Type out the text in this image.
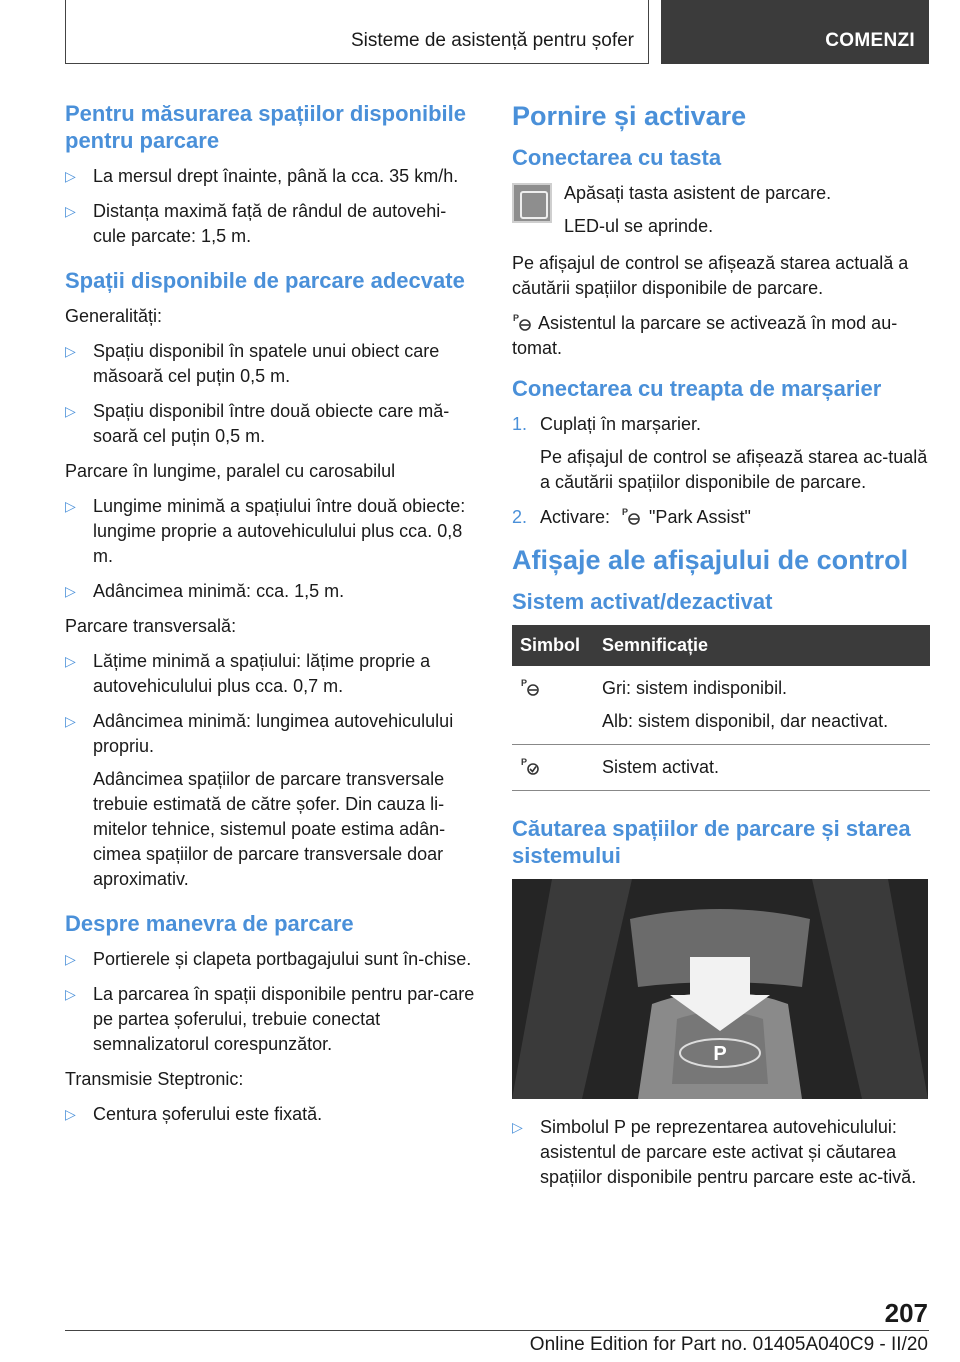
Sisteme de asistență pentru șofer	COMENZI
Pentru măsurarea spațiilor disponibile pentru parcare
▷ La mersul drept înainte, până la cca. 35 km/h.
▷ Distanța maximă față de rândul de autovehi-cule parcate: 1,5 m.
Spații disponibile de parcare adecvate

Generalități:

▷ Spațiu disponibil în spatele unui obiect care măsoară cel puțin 0,5 m.
▷ Spațiu disponibil între două obiecte care mă-soară cel puțin 0,5 m.

Parcare în lungime, paralel cu carosabilul

▷ Lungime minimă a spațiului între două obiecte: lungime proprie a autovehiculului plus cca. 0,8 m.
▷ Adâncimea minimă: cca. 1,5 m.

Parcare transversală:

▷ Lățime minimă a spațiului: lățime proprie a autovehiculului plus cca. 0,7 m.
▷ Adâncimea minimă: lungimea autovehiculului propriu.
Adâncimea spațiilor de parcare transversale trebuie estimată de către șofer. Din cauza li-mitelor tehnice, sistemul poate estima adân-cimea spațiilor de parcare transversale doar aproximativ.
Despre manevra de parcare
▷ Portierele și clapeta portbagajului sunt în-chise.
▷ La parcarea în spații disponibile pentru par-care pe partea șoferului, trebuie conectat semnalizatorul corespunzător.

Transmisie Steptronic:

▷ Centura șoferului este fixată.
Pornire și activare
Conectarea cu tasta

Apăsați tasta asistent de parcare.

LED-ul se aprinde.

Pe afișajul de control se afișează starea actuală a căutării spațiilor disponibile de parcare.

P Asistentul la parcare se activează în mod au-tomat.

Conectarea cu treapta de marșarier
1. Cuplați în marșarier.
Pe afișajul de control se afișează starea ac-tuală a căutării spațiilor disponibile de parcare.
2. Activare: P "Park Assist"
Afișaje ale afișajului de control
Sistem activat/dezactivat
Simbol	Semnificație

P	Gri: sistem indisponibil.
Alb: sistem disponibil, dar neactivat.

P	Sistem activat.
Căutarea spațiilor de parcare și starea sistemului
P
▷ Simbolul P pe reprezentarea autovehiculului: asistentul de parcare este activat și căutarea spațiilor disponibile pentru parcare este ac-tivă.
207
Online Edition for Part no. 01405A040C9 - II/20
